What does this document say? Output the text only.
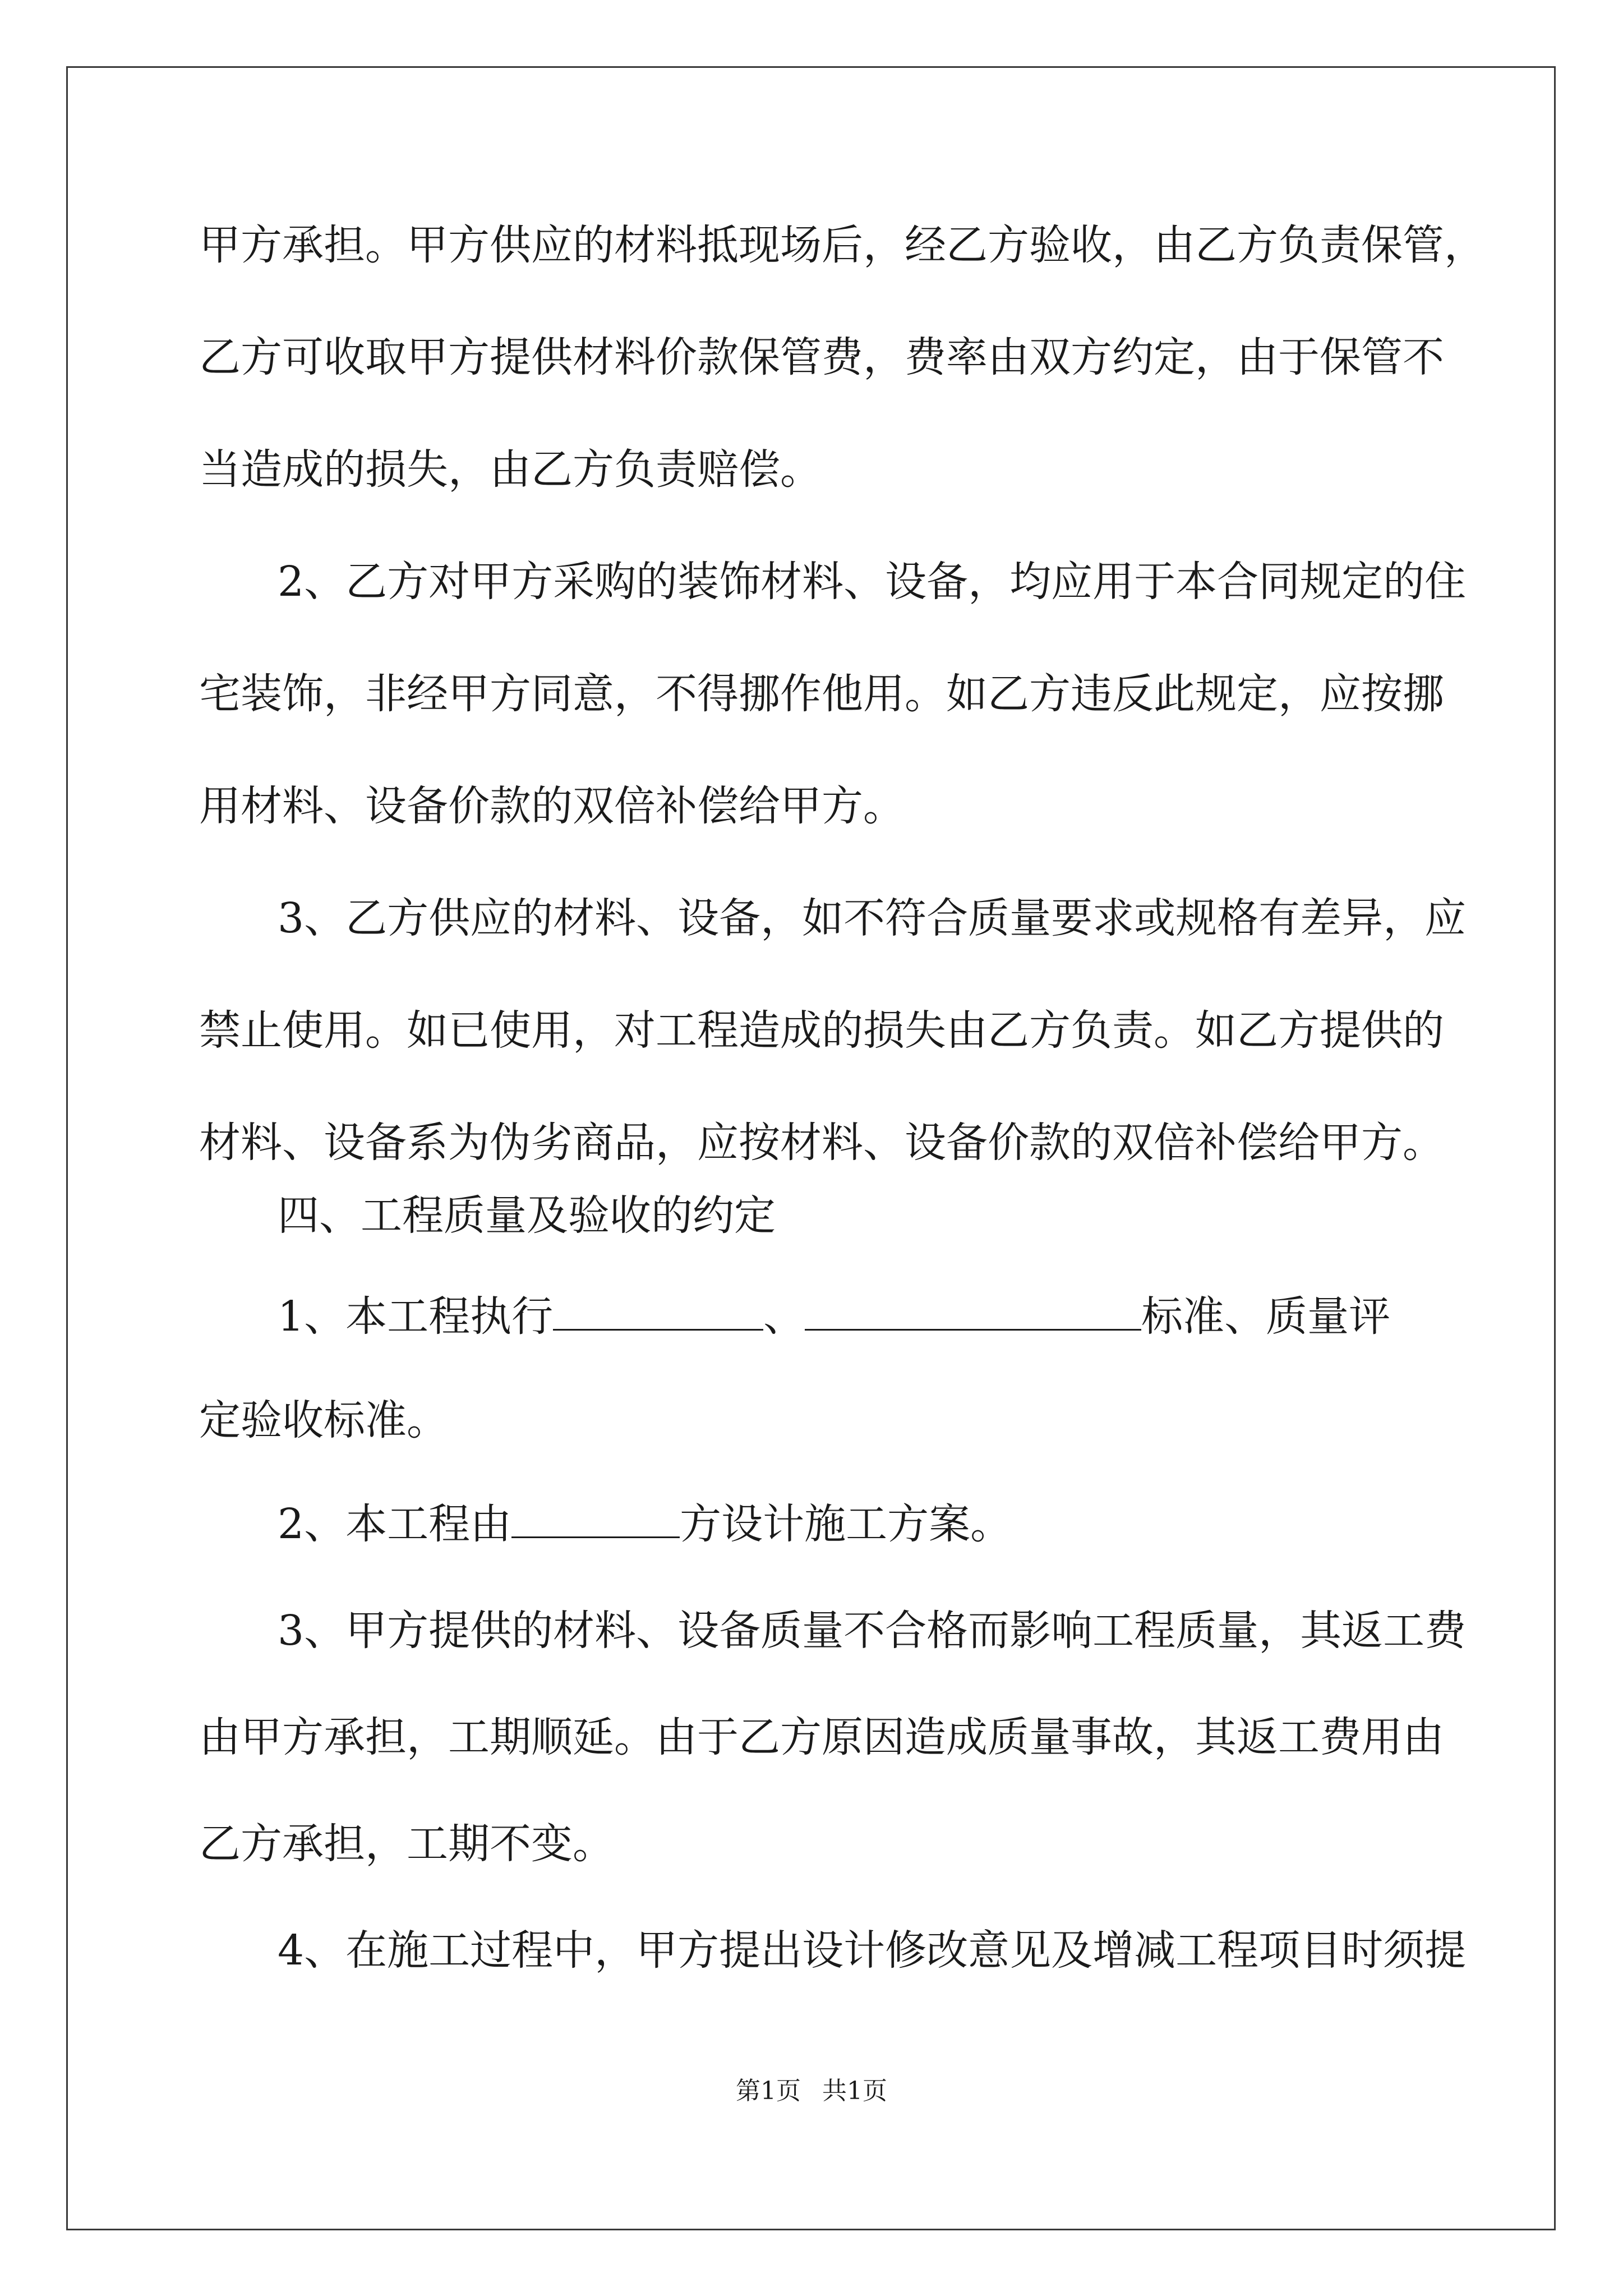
甲方承担。甲方供应的材料抵现场后，经乙方验收，由乙方负责保管，
乙方可收取甲方提供材料价款保管费，费率由双方约定，由于保管不
当造成的损失，由乙方负责赔偿。
2、乙方对甲方采购的装饰材料、设备，均应用于本合同规定的住
宅装饰，非经甲方同意，不得挪作他用。如乙方违反此规定，应按挪
用材料、设备价款的双倍补偿给甲方。
3、乙方供应的材料、设备，如不符合质量要求或规格有差异，应
禁止使用。如已使用，对工程造成的损失由乙方负责。如乙方提供的
材料、设备系为伪劣商品，应按材料、设备价款的双倍补偿给甲方。
四、工程质量及验收的约定
1、本工程执行	、	标准、质量评
定验收标准。
2、本工程由	方设计施工方案。
3、甲方提供的材料、设备质量不合格而影响工程质量，其返工费
由甲方承担，工期顺延。由于乙方原因造成质量事故，其返工费用由
乙方承担，工期不变。
4、在施工过程中，甲方提出设计修改意见及增减工程项目时须提
第1页 共1页
